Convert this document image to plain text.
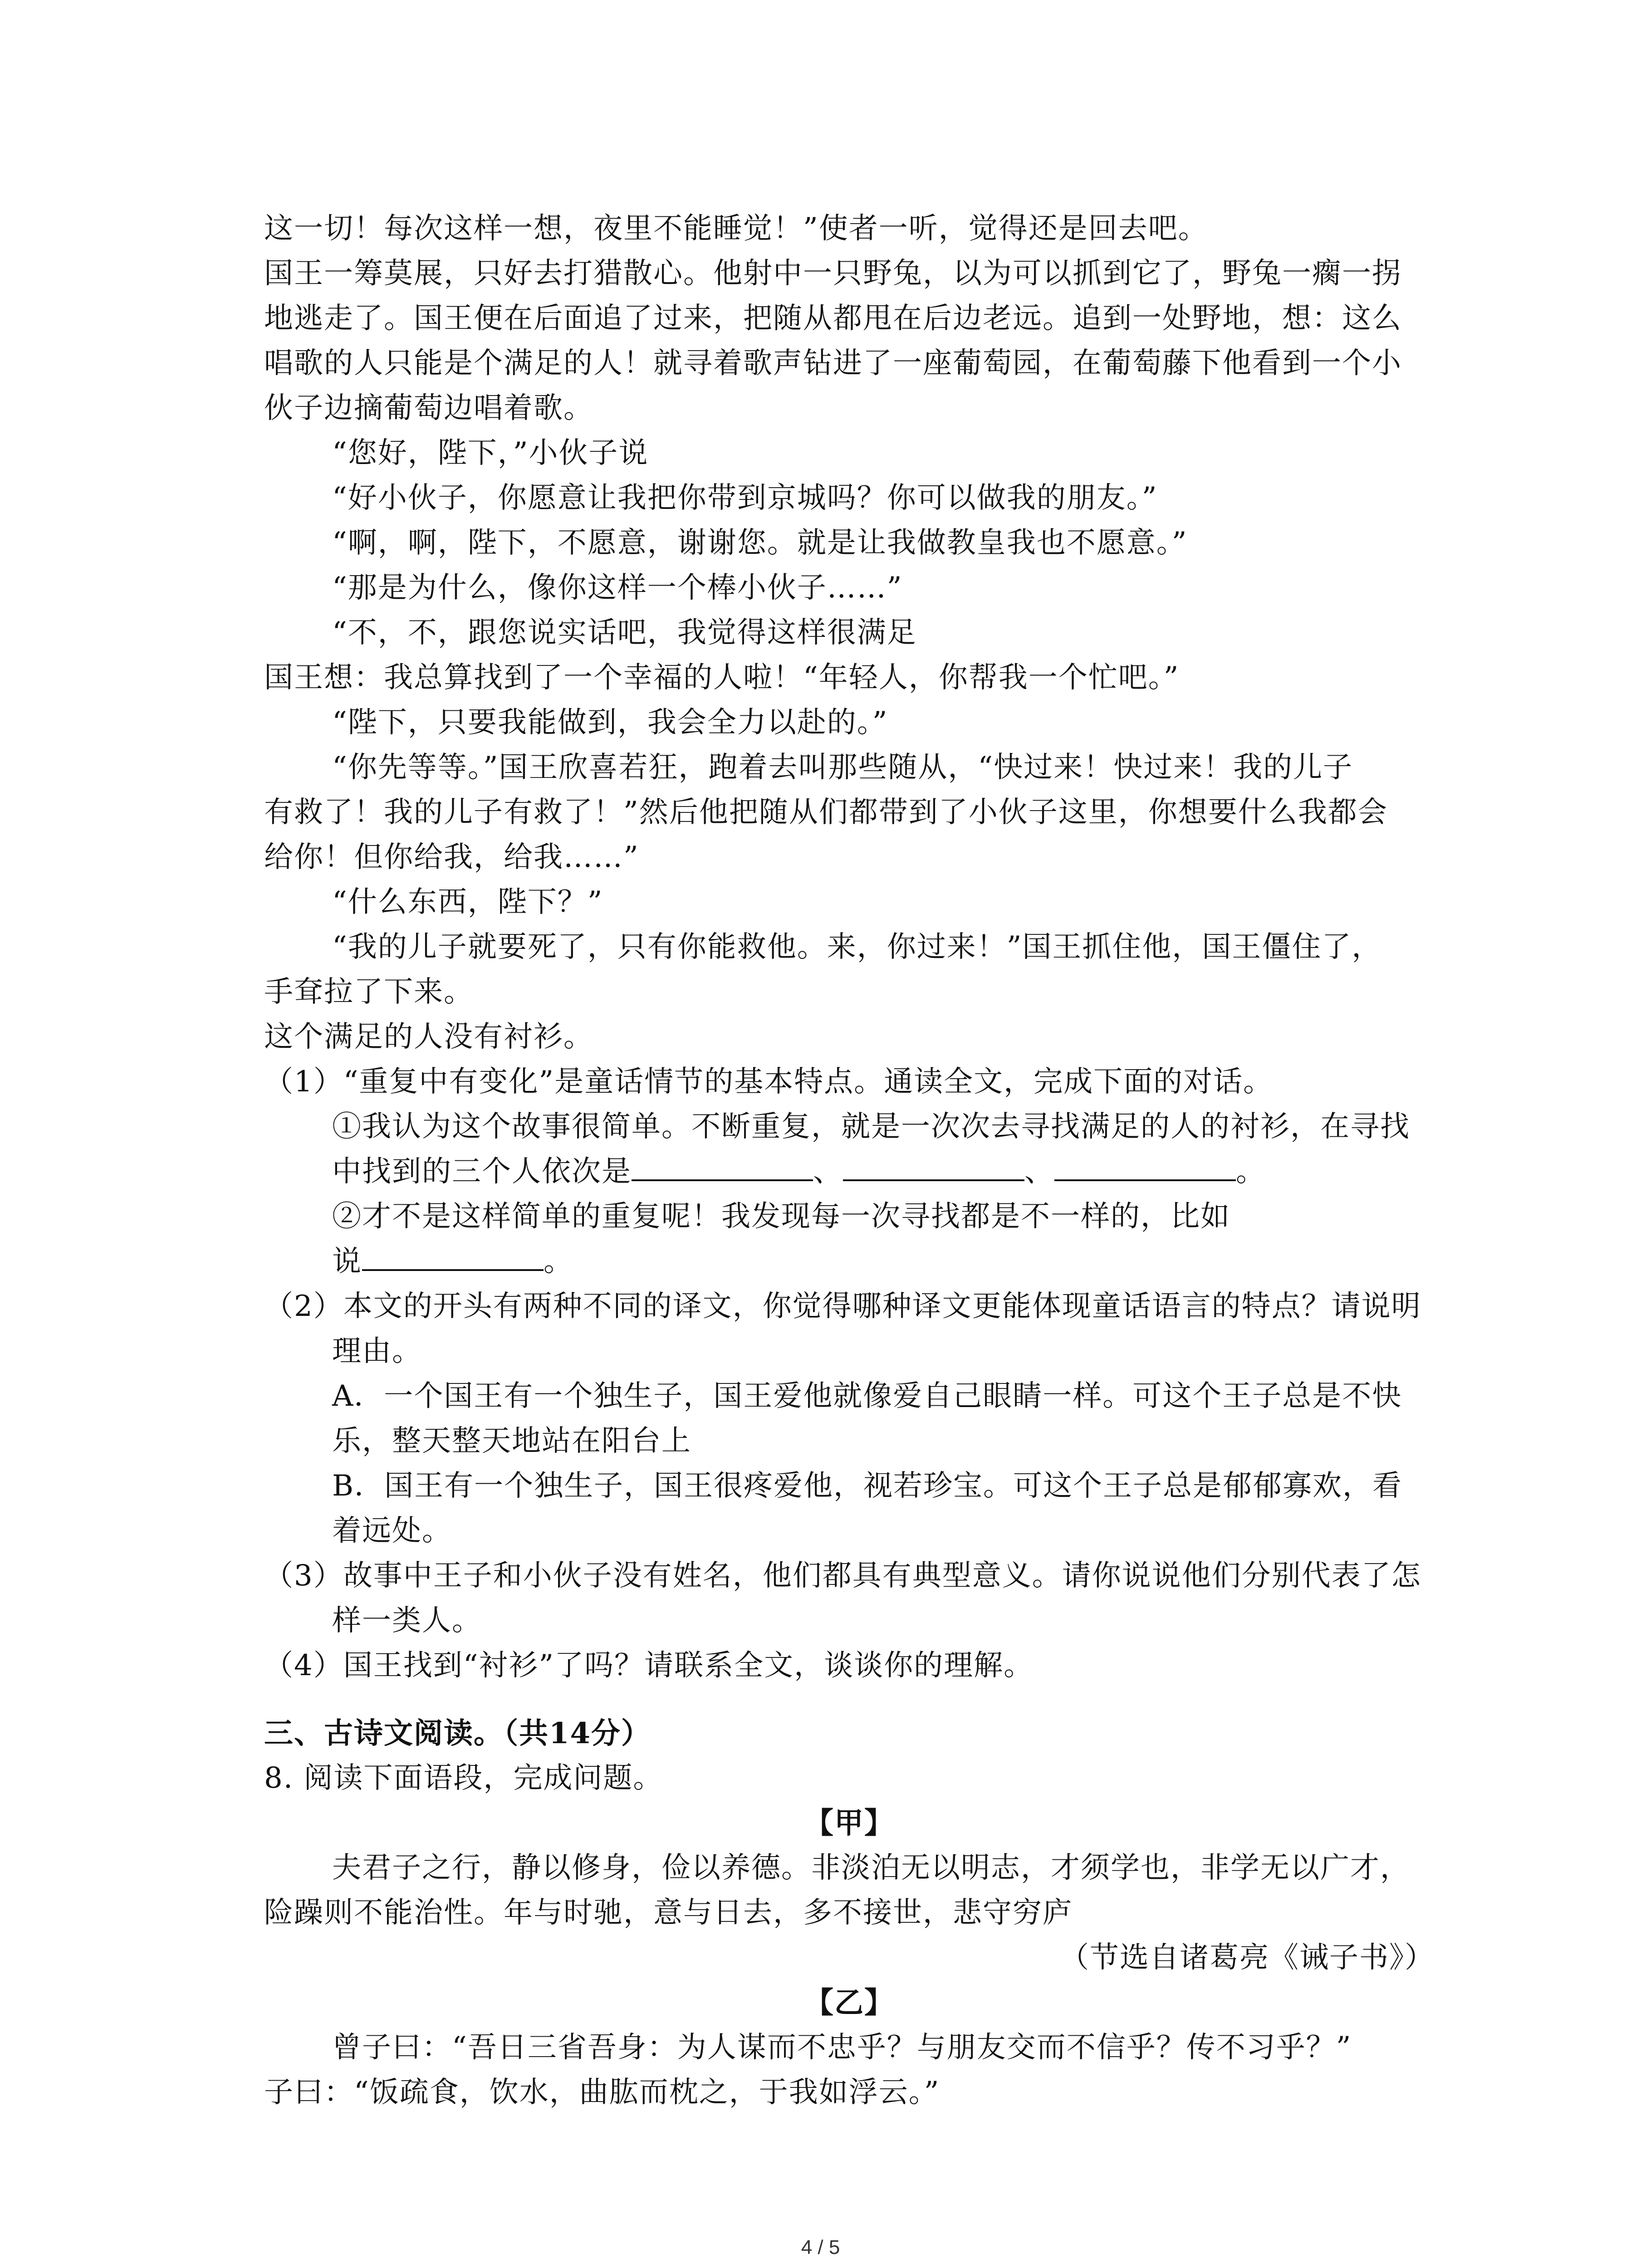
这一切！每次这样一想，夜里不能睡觉！”使者一听，觉得还是回去吧。
国王一筹莫展，只好去打猎散心。他射中一只野兔，以为可以抓到它了，野兔一瘸一拐
地逃走了。国王便在后面追了过来，把随从都甩在后边老远。追到一处野地，想：这么
唱歌的人只能是个满足的人！就寻着歌声钻进了一座葡萄园，在葡萄藤下他看到一个小
伙子边摘葡萄边唱着歌。
“您好，陛下，”小伙子说
“好小伙子，你愿意让我把你带到京城吗？你可以做我的朋友。”
“啊，啊，陛下，不愿意，谢谢您。就是让我做教皇我也不愿意。”
“那是为什么，像你这样一个棒小伙子……”
“不，不，跟您说实话吧，我觉得这样很满足
国王想：我总算找到了一个幸福的人啦！“年轻人，你帮我一个忙吧。”
“陛下，只要我能做到，我会全力以赴的。”
“你先等等。”国王欣喜若狂，跑着去叫那些随从，“快过来！快过来！我的儿子
有救了！我的儿子有救了！”然后他把随从们都带到了小伙子这里，你想要什么我都会
给你！但你给我，给我……”
“什么东西，陛下？”
“我的儿子就要死了，只有你能救他。来，你过来！”国王抓住他，国王僵住了，
手耷拉了下来。
这个满足的人没有衬衫。
（1）“重复中有变化”是童话情节的基本特点。通读全文，完成下面的对话。
①我认为这个故事很简单。不断重复，就是一次次去寻找满足的人的衬衫，在寻找
中找到的三个人依次是	、	、	。
②才不是这样简单的重复呢！我发现每一次寻找都是不一样的，比如
说	。
（2）本文的开头有两种不同的译文，你觉得哪种译文更能体现童话语言的特点？请说明
理由。
A．一个国王有一个独生子，国王爱他就像爱自己眼睛一样。可这个王子总是不快
乐，整天整天地站在阳台上
B．国王有一个独生子，国王很疼爱他，视若珍宝。可这个王子总是郁郁寡欢，看
着远处。
（3）故事中王子和小伙子没有姓名，他们都具有典型意义。请你说说他们分别代表了怎
样一类人。
（4）国王找到“衬衫”了吗？请联系全文，谈谈你的理解。
三、古诗文阅读。（共14分）
8. 阅读下面语段，完成问题。
【甲】
夫君子之行，静以修身，俭以养德。非淡泊无以明志，才须学也，非学无以广才，
险躁则不能治性。年与时驰，意与日去，多不接世，悲守穷庐
（节选自诸葛亮《诫子书》）
【乙】
曾子曰：“吾日三省吾身：为人谋而不忠乎？与朋友交而不信乎？传不习乎？”
子曰：“饭疏食，饮水，曲肱而枕之，于我如浮云。”
4 / 5
